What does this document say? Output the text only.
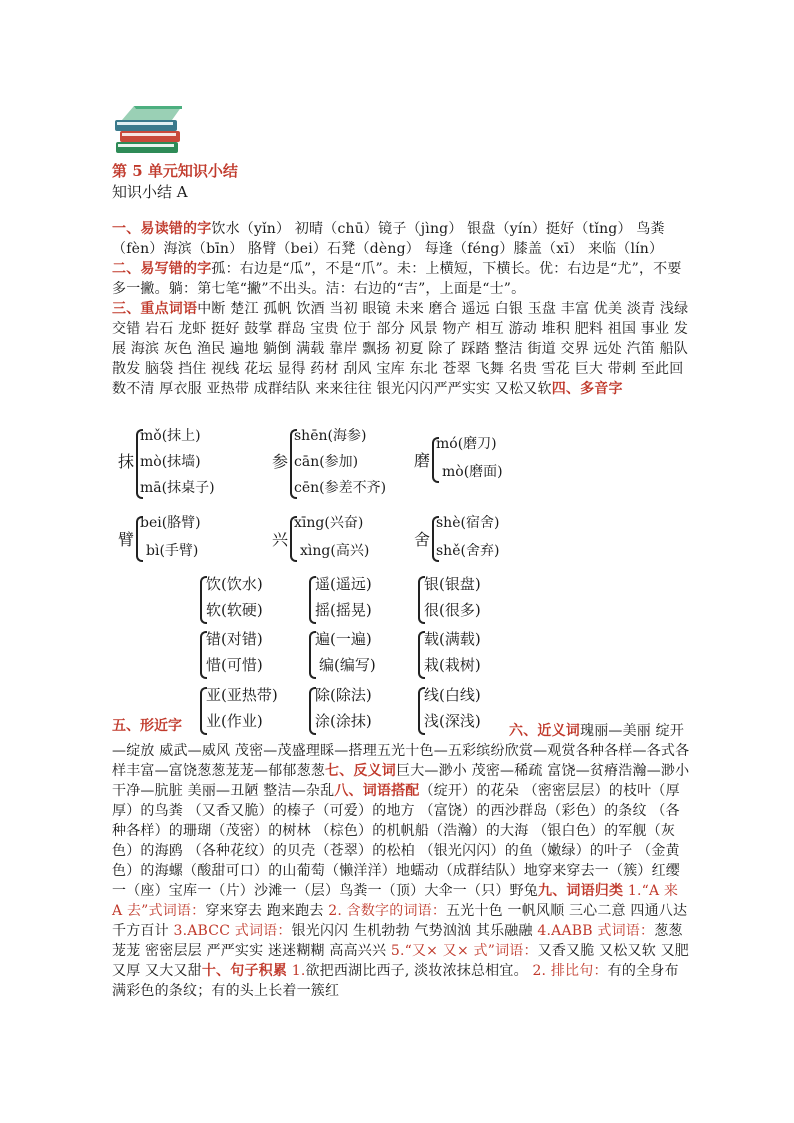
第 5 单元知识小结
知识小结 A
一、易读错的字饮水（yǐn） 初晴（chū）镜子（jìng） 银盘（yín）挺好（tǐng） 鸟粪（fèn）海滨（bīn） 胳臂（bei）石凳（dèng） 每逢（féng）膝盖（xī） 来临（lín）
二、易写错的字孤：右边是“瓜”，不是“爪”。未：上横短，下横长。优：右边是“尤”，不要多一撇。躺：第七笔“撇”不出头。洁：右边的“吉”，上面是“士”。
三、重点词语中断 楚江 孤帆 饮酒 当初 眼镜 未来 磨合 遥远 白银 玉盘 丰富 优美 淡青 浅绿 交错 岩石 龙虾 挺好 鼓掌 群岛 宝贵 位于 部分 风景 物产 相互 游动 堆积 肥料 祖国 事业 发展 海滨 灰色 渔民 遍地 躺倒 满载 靠岸 飘扬 初夏 除了 踩踏 整洁 街道 交界 远处 汽笛 船队 散发 脑袋 挡住 视线 花坛 显得 药材 刮风 宝库 东北 苍翠 飞舞 名贵 雪花 巨大 带刺 至此回 数不清 厚衣服 亚热带 成群结队 来来往往 银光闪闪严严实实 又松又软四、多音字
抹
mǒ(抹上)
mò(抹墙)
mā(抹桌子)
参
shēn(海参)
cān(参加)
cēn(参差不齐)
磨
mó(磨刀)
mò(磨面)
臂
bei(胳臂)
bì(手臂)
兴
xīng(兴奋)
xìng(高兴)
舍
shè(宿舍)
shě(舍弃)
饮(饮水)
软(软硬)
遥(遥远)
摇(摇晃)
银(银盘)
很(很多)
错(对错)
惜(可惜)
遍(一遍)
编(编写)
载(满载)
栽(栽树)
亚(亚热带)
业(作业)
除(除法)
涂(涂抹)
线(白线)
浅(深浅)
五、形近字	六、近义词瑰丽—美丽 绽开—绽放 威武—威风 茂密—茂盛理睬—搭理五光十色—五彩缤纷欣赏—观赏各种各样—各式各样丰富—富饶葱葱茏茏—郁郁葱葱七、反义词巨大—渺小 茂密—稀疏 富饶—贫瘠浩瀚—渺小 干净—肮脏 美丽—丑陋 整洁—杂乱八、词语搭配（绽开）的花朵 （密密层层）的枝叶（厚厚）的鸟粪 （又香又脆）的榛子（可爱）的地方 （富饶）的西沙群岛（彩色）的条纹 （各种各样）的珊瑚（茂密）的树林 （棕色）的机帆船（浩瀚）的大海 （银白色）的军舰（灰色）的海鸥 （各种花纹）的贝壳（苍翠）的松柏 （银光闪闪）的鱼（嫩绿）的叶子 （金黄色）的海螺（酸甜可口）的山葡萄（懒洋洋）地蠕动（成群结队）地穿来穿去一（簇）红缨 一（座）宝库一（片）沙滩一（层）鸟粪一（顶）大伞一（只）野兔九、词语归类 1.“A 来 A 去”式词语：穿来穿去 跑来跑去 2. 含数字的词语：五光十色 一帆风顺 三心二意 四通八达 千方百计 3.ABCC 式词语：银光闪闪 生机勃勃 气势汹汹 其乐融融 4.AABB 式词语：葱葱茏茏 密密层层 严严实实 迷迷糊糊 高高兴兴 5.“又× 又× 式”词语：又香又脆 又松又软 又肥又厚 又大又甜十、句子积累 1.欲把西湖比西子, 淡妆浓抹总相宜。 2. 排比句：有的全身布满彩色的条纹；有的头上长着一簇红
